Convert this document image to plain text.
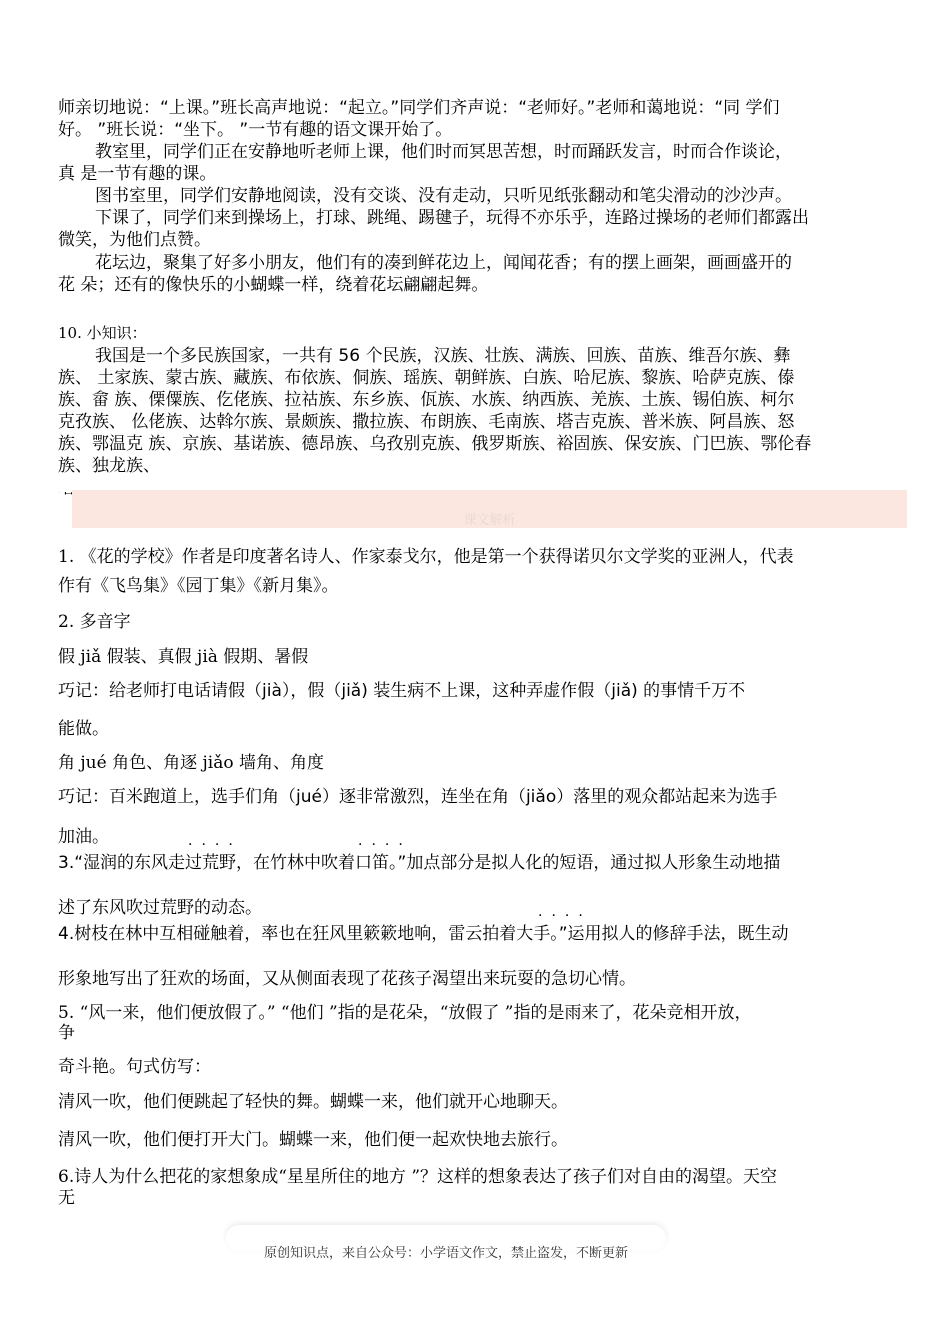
师亲切地说：“上课。”班长高声地说：“起立。”同学们齐声说：“老师好。”老师和蔼地说：“同 学们
好。 ”班长说：“坐下。 ”一节有趣的语文课开始了。
教室里，同学们正在安静地听老师上课，他们时而冥思苦想，时而踊跃发言，时而合作谈论，
真 是一节有趣的课。
图书室里，同学们安静地阅读，没有交谈、没有走动，只听见纸张翻动和笔尖滑动的沙沙声。
下课了，同学们来到操场上，打球、跳绳、踢毽子，玩得不亦乐乎，连路过操场的老师们都露出
微笑，为他们点赞。
花坛边，聚集了好多小朋友，他们有的凑到鲜花边上，闻闻花香；有的摆上画架，画画盛开的
花 朵；还有的像快乐的小蝴蝶一样，绕着花坛翩翩起舞。
10. 小知识：
我国是一个多民族国家，一共有 56 个民族，汉族、壮族、满族、回族、苗族、维吾尔族、彝
族、 土家族、蒙古族、藏族、布依族、侗族、瑶族、朝鲜族、白族、哈尼族、黎族、哈萨克族、傣
族、畲 族、傈僳族、仡佬族、拉祜族、东乡族、佤族、水族、纳西族、羌族、土族、锡伯族、柯尔
克孜族、 仫佬族、达斡尔族、景颇族、撒拉族、布朗族、毛南族、塔吉克族、普米族、阿昌族、怒
族、鄂温克 族、京族、基诺族、德昂族、乌孜别克族、俄罗斯族、裕固族、保安族、门巴族、鄂伦春
族、独龙族、
课文解析
1. 《花的学校》作者是印度著名诗人、作家泰戈尔，他是第一个获得诺贝尔文学奖的亚洲人，代表
作有《飞鸟集》《园丁集》《新月集》。
2. 多音字
假 jiǎ 假装、真假 jià 假期、暑假
巧记：给老师打电话请假（jià），假（jiǎ) 装生病不上课，这种弄虚作假（jiǎ) 的事情千万不
能做。
角 jué 角色、角逐 jiǎo 墙角、角度
巧记：百米跑道上，选手们角（jué）逐非常激烈，连坐在角（jiǎo）落里的观众都站起来为选手
加油。	····	····
3.“湿润的东风走过荒野，在竹林中吹着口笛。”加点部分是拟人化的短语，通过拟人形象生动地描
述了东风吹过荒野的动态。	····
4.树枝在林中互相碰触着，率也在狂风里簌簌地响，雷云拍着大手。”运用拟人的修辞手法，既生动
形象地写出了狂欢的场面，又从侧面表现了花孩子渴望出来玩耍的急切心情。
5. “风一来，他们便放假了。” “他们 ”指的是花朵，“放假了 ”指的是雨来了，花朵竞相开放，
争
奇斗艳。句式仿写：
清风一吹，他们便跳起了轻快的舞。蝴蝶一来，他们就开心地聊天。
清风一吹，他们便打开大门。蝴蝶一来，他们便一起欢快地去旅行。
6.诗人为什么把花的家想象成“星星所住的地方 ”？这样的想象表达了孩子们对自由的渴望。天空
无
原创知识点，来自公众号：小学语文作文，禁止盗发，不断更新
